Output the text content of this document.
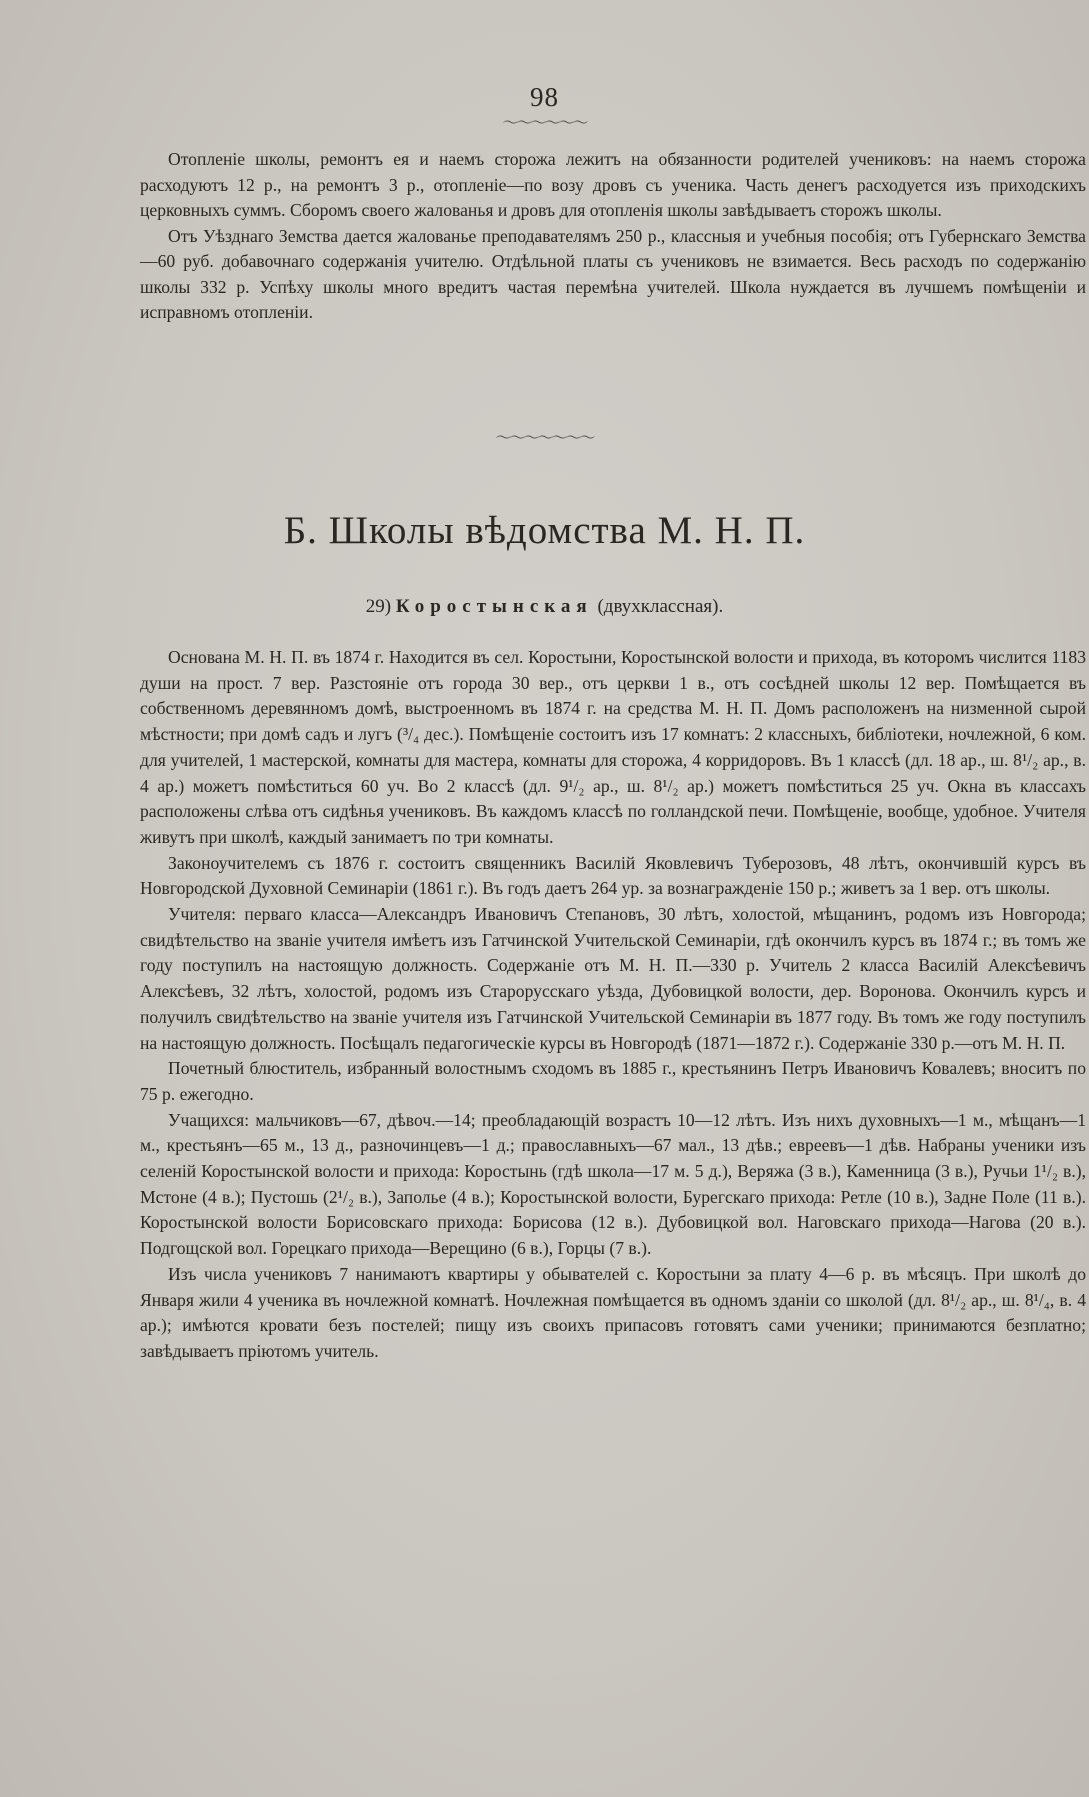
98
〜〜〜〜〜〜

Отопленіе школы, ремонтъ ея и наемъ сторожа лежитъ на обязанности родителей учениковъ: на наемъ сторожа расходуютъ 12 р., на ремонтъ 3 р., отопленіе—по возу дровъ съ ученика. Часть денегъ расходуется изъ приходскихъ церковныхъ суммъ. Сборомъ своего жалованья и дровъ для отопленія школы завѣдываетъ сторожъ школы.

Отъ Уѣзднаго Земства дается жалованье преподавателямъ 250 р., классныя и учебныя пособія; отъ Губернскаго Земства—60 руб. добавочнаго содержанія учителю. Отдѣльной платы съ учениковъ не взимается. Весь расходъ по содержанію школы 332 р. Успѣху школы много вредитъ частая перемѣна учителей. Школа нуждается въ лучшемъ помѣщеніи и исправномъ отопленіи.

〜〜〜〜〜〜〜
Б. Школы вѣдомства М. Н. П.
29) Коростынская (двухклассная).

Основана М. Н. П. въ 1874 г. Находится въ сел. Коростыни, Коростынской волости и прихода, въ которомъ числится 1183 души на прост. 7 вер. Разстояніе отъ города 30 вер., отъ церкви 1 в., отъ сосѣдней школы 12 вер. Помѣщается въ собственномъ деревянномъ домѣ, выстроенномъ въ 1874 г. на средства М. Н. П. Домъ расположенъ на низменной сырой мѣстности; при домѣ садъ и лугъ (³/₄ дес.). Помѣщеніе состоитъ изъ 17 комнатъ: 2 классныхъ, библіотеки, ночлежной, 6 ком. для учителей, 1 мастерской, комнаты для мастера, комнаты для сторожа, 4 корридоровъ. Въ 1 классѣ (дл. 18 ар., ш. 8¹/₂ ар., в. 4 ар.) можетъ помѣститься 60 уч. Во 2 классѣ (дл. 9¹/₂ ар., ш. 8¹/₂ ар.) можетъ помѣститься 25 уч. Окна въ классахъ расположены слѣва отъ сидѣнья учениковъ. Въ каждомъ классѣ по голландской печи. Помѣщеніе, вообще, удобное. Учителя живутъ при школѣ, каждый занимаетъ по три комнаты.

Законоучителемъ съ 1876 г. состоитъ священникъ Василій Яковлевичъ Туберозовъ, 48 лѣтъ, окончившій курсъ въ Новгородской Духовной Семинаріи (1861 г.). Въ годъ даетъ 264 ур. за вознагражденіе 150 р.; живетъ за 1 вер. отъ школы.

Учителя: перваго класса—Александръ Ивановичъ Степановъ, 30 лѣтъ, холостой, мѣщанинъ, родомъ изъ Новгорода; свидѣтельство на званіе учителя имѣетъ изъ Гатчинской Учительской Семинаріи, гдѣ окончилъ курсъ въ 1874 г.; въ томъ же году поступилъ на настоящую должность. Содержаніе отъ М. Н. П.—330 р. Учитель 2 класса Василій Алексѣевичъ Алексѣевъ, 32 лѣтъ, холостой, родомъ изъ Старорусскаго уѣзда, Дубовицкой волости, дер. Воронова. Окончилъ курсъ и получилъ свидѣтельство на званіе учителя изъ Гатчинской Учительской Семинаріи въ 1877 году. Въ томъ же году поступилъ на настоящую должность. Посѣщалъ педагогическіе курсы въ Новгородѣ (1871—1872 г.). Содержаніе 330 р.—отъ М. Н. П.

Почетный блюститель, избранный волостнымъ сходомъ въ 1885 г., крестьянинъ Петръ Ивановичъ Ковалевъ; вноситъ по 75 р. ежегодно.

Учащихся: мальчиковъ—67, дѣвоч.—14; преобладающій возрастъ 10—12 лѣтъ. Изъ нихъ духовныхъ—1 м., мѣщанъ—1 м., крестьянъ—65 м., 13 д., разночинцевъ—1 д.; православныхъ—67 мал., 13 дѣв.; евреевъ—1 дѣв. Набраны ученики изъ селеній Коростынской волости и прихода: Коростынь (гдѣ школа—17 м. 5 д.), Веряжа (3 в.), Каменница (3 в.), Ручьи 1¹/₂ в.), Мстоне (4 в.); Пустошь (2¹/₂ в.), Заполье (4 в.); Коростынской волости, Бурегскаго прихода: Ретле (10 в.), Задне Поле (11 в.). Коростынской волости Борисовскаго прихода: Борисова (12 в.). Дубовицкой вол. Наговскаго прихода—Нагова (20 в.). Подгощской вол. Горецкаго прихода—Верещино (6 в.), Горцы (7 в.).

Изъ числа учениковъ 7 нанимаютъ квартиры у обывателей с. Коростыни за плату 4—6 р. въ мѣсяцъ. При школѣ до Января жили 4 ученика въ ночлежной комнатѣ. Ночлежная помѣщается въ одномъ зданіи со школой (дл. 8¹/₂ ар., ш. 8¹/₄, в. 4 ар.); имѣются кровати безъ постелей; пищу изъ своихъ припасовъ готовятъ сами ученики; принимаются безплатно; завѣдываетъ пріютомъ учитель.
